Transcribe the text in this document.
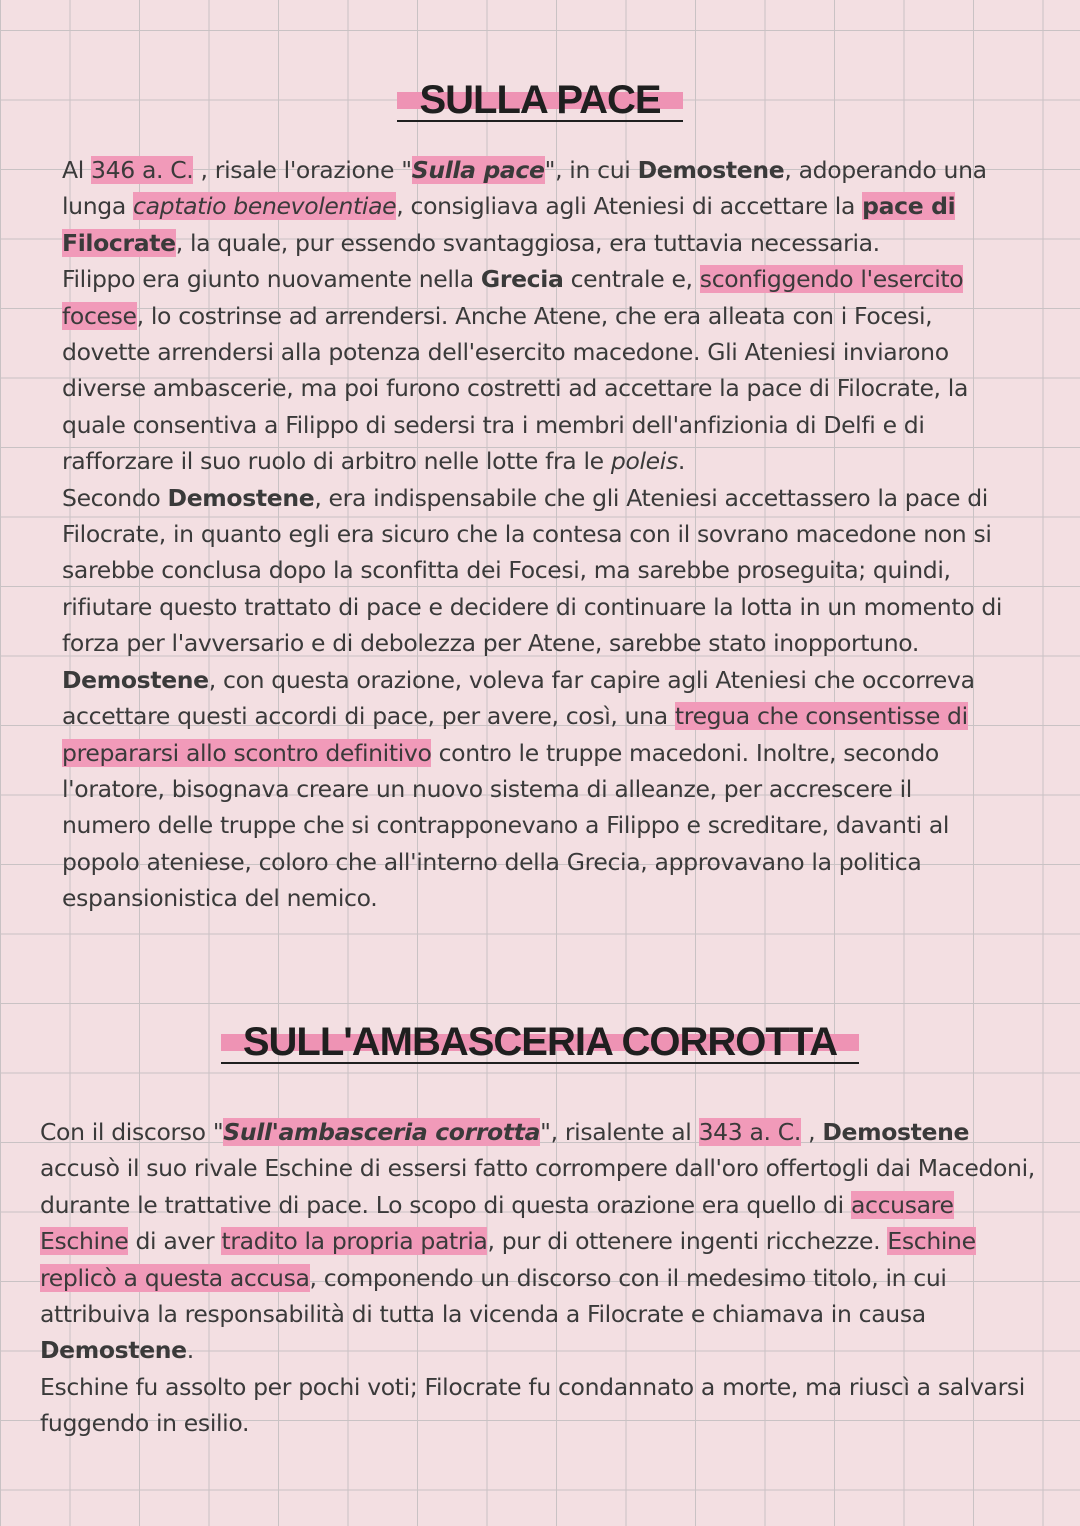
SULLA PACE
Al 346 a. C. , risale l'orazione "Sulla pace", in cui Demostene, adoperando una lunga captatio benevolentiae, consigliava agli Ateniesi di accettare la pace di Filocrate, la quale, pur essendo svantaggiosa, era tuttavia necessaria.
Filippo era giunto nuovamente nella Grecia centrale e, sconfiggendo l'esercito focese, lo costrinse ad arrendersi. Anche Atene, che era alleata con i Focesi, dovette arrendersi alla potenza dell'esercito macedone. Gli Ateniesi inviarono diverse ambascerie, ma poi furono costretti ad accettare la pace di Filocrate, la quale consentiva a Filippo di sedersi tra i membri dell'anfizionia di Delfi e di rafforzare il suo ruolo di arbitro nelle lotte fra le poleis.
Secondo Demostene, era indispensabile che gli Ateniesi accettassero la pace di Filocrate, in quanto egli era sicuro che la contesa con il sovrano macedone non si sarebbe conclusa dopo la sconfitta dei Focesi, ma sarebbe proseguita; quindi, rifiutare questo trattato di pace e decidere di continuare la lotta in un momento di forza per l'avversario e di debolezza per Atene, sarebbe stato inopportuno.
Demostene, con questa orazione, voleva far capire agli Ateniesi che occorreva accettare questi accordi di pace, per avere, così, una tregua che consentisse di prepararsi allo scontro definitivo contro le truppe macedoni. Inoltre, secondo l'oratore, bisognava creare un nuovo sistema di alleanze, per accrescere il numero delle truppe che si contrapponevano a Filippo e screditare, davanti al popolo ateniese, coloro che all'interno della Grecia, approvavano la politica espansionistica del nemico.
SULL'AMBASCERIA CORROTTA
Con il discorso "Sull'ambasceria corrotta", risalente al 343 a. C. , Demostene accusò il suo rivale Eschine di essersi fatto corrompere dall'oro offertogli dai Macedoni, durante le trattative di pace. Lo scopo di questa orazione era quello di accusare Eschine di aver tradito la propria patria, pur di ottenere ingenti ricchezze. Eschine replicò a questa accusa, componendo un discorso con il medesimo titolo, in cui attribuiva la responsabilità di tutta la vicenda a Filocrate e chiamava in causa Demostene.
Eschine fu assolto per pochi voti; Filocrate fu condannato a morte, ma riuscì a salvarsi fuggendo in esilio.
